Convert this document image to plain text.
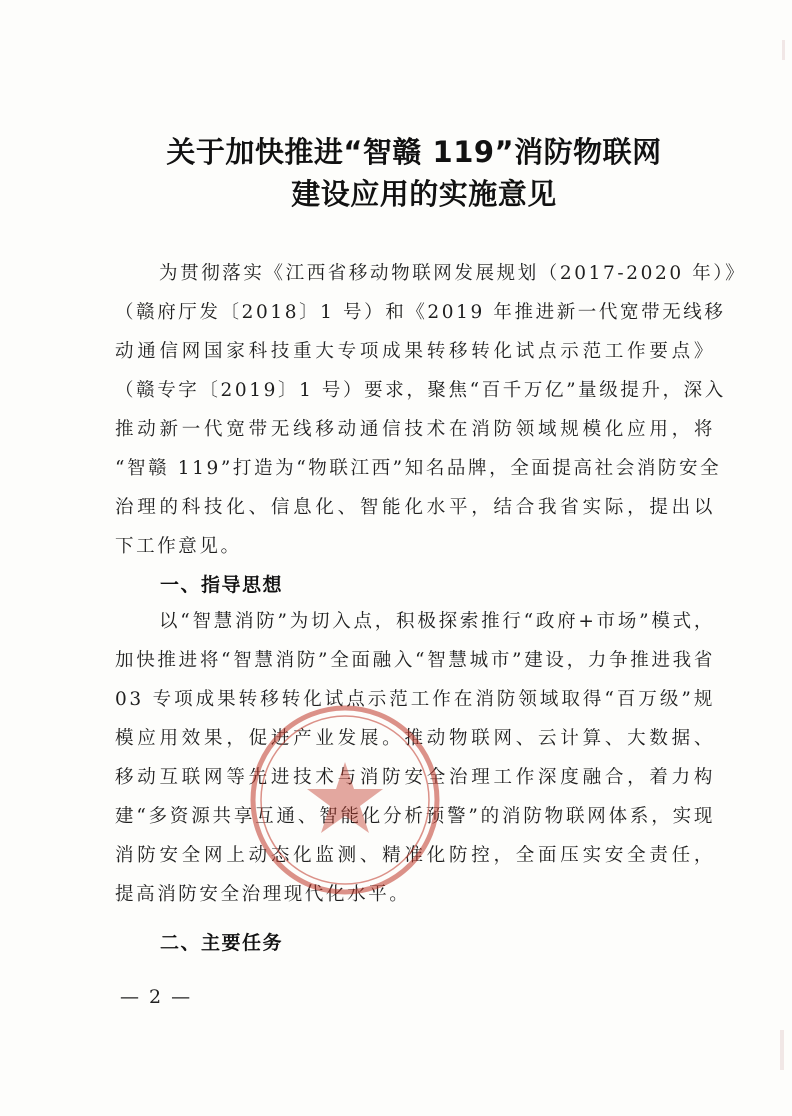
关于加快推进“智赣 119”消防物联网
建设应用的实施意见
为贯彻落实《江西省移动物联网发展规划（2017-2020 年）》
（赣府厅发〔2018〕1 号）和《2019 年推进新一代宽带无线移
动通信网国家科技重大专项成果转移转化试点示范工作要点》
（赣专字〔2019〕1 号）要求，聚焦“百千万亿”量级提升，深入
推动新一代宽带无线移动通信技术在消防领域规模化应用，将
“智赣 119”打造为“物联江西”知名品牌，全面提高社会消防安全
治理的科技化、信息化、智能化水平，结合我省实际，提出以
下工作意见。
一、指导思想
以“智慧消防”为切入点，积极探索推行“政府+市场”模式，
加快推进将“智慧消防”全面融入“智慧城市”建设，力争推进我省
03 专项成果转移转化试点示范工作在消防领域取得“百万级”规
模应用效果，促进产业发展。推动物联网、云计算、大数据、
移动互联网等先进技术与消防安全治理工作深度融合，着力构
建“多资源共享互通、智能化分析预警”的消防物联网体系，实现
消防安全网上动态化监测、精准化防控，全面压实安全责任，
提高消防安全治理现代化水平。
二、主要任务
— 2 —
